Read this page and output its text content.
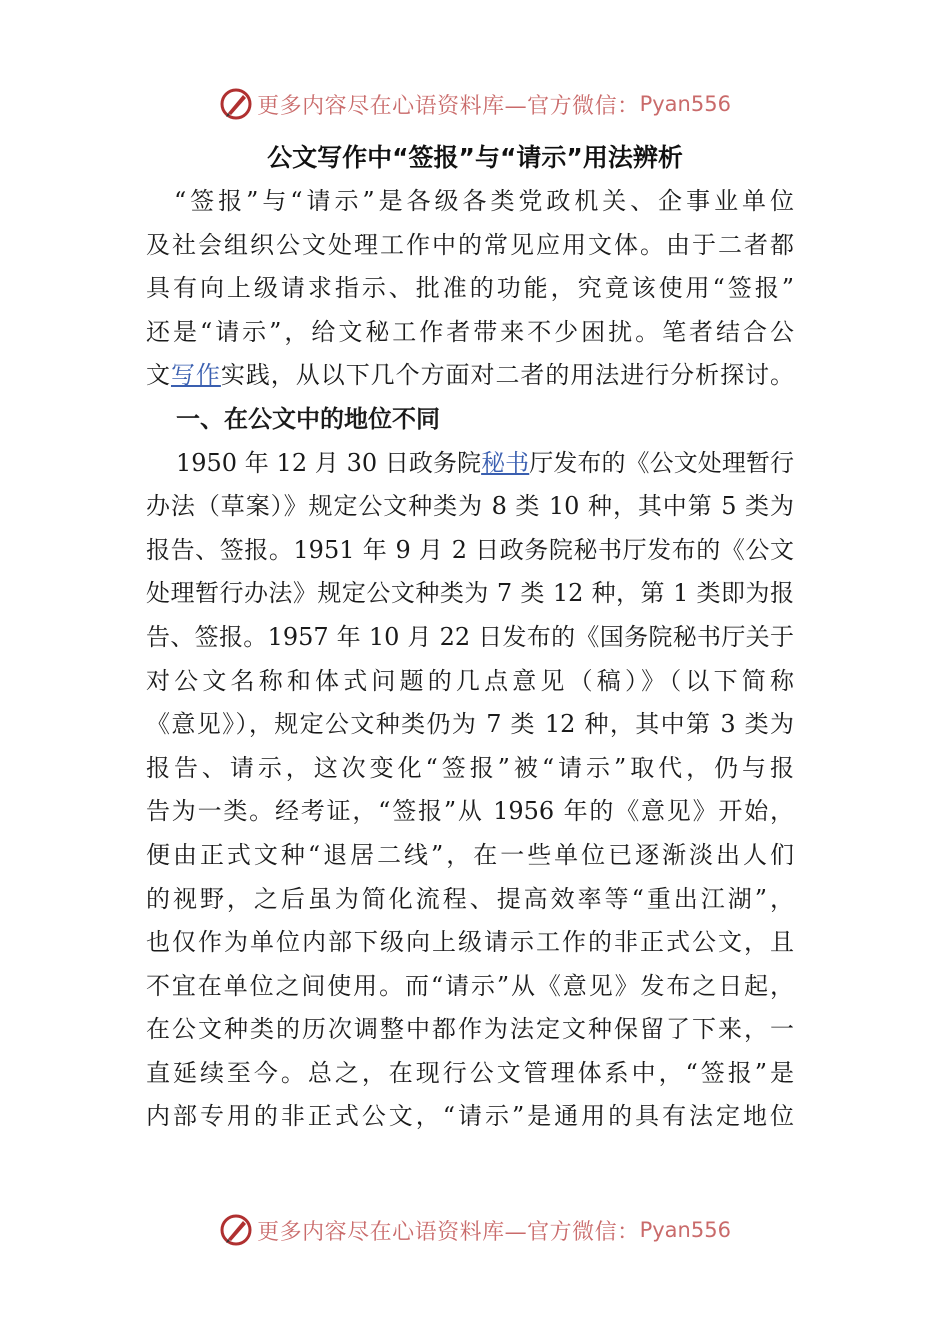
更多内容尽在心语资料库—官方微信： Pyan556
公文写作中“签报”与“请示”用法辨析
　“签报”与“请示”是各级各类党政机关、企事业单位
及社会组织公文处理工作中的常见应用文体。由于二者都
具有向上级请求指示、批准的功能，究竟该使用“签报”
还是“请示”，给文秘工作者带来不少困扰。笔者结合公
文写作实践，从以下几个方面对二者的用法进行分析探讨。
一、在公文中的地位不同
1950 年 12 月 30 日政务院秘书厅发布的《公文处理暂行
办法（草案）》规定公文种类为 8 类 10 种，其中第 5 类为
报告、签报。1951 年 9 月 2 日政务院秘书厅发布的《公文
处理暂行办法》规定公文种类为 7 类 12 种，第 1 类即为报
告、签报。1957 年 10 月 22 日发布的《国务院秘书厅关于
对公文名称和体式问题的几点意见（稿）》（以下简称
《意见》），规定公文种类仍为 7 类 12 种，其中第 3 类为
报告、请示，这次变化“签报”被“请示”取代，仍与报
告为一类。经考证，“签报”从 1956 年的《意见》开始，
便由正式文种“退居二线”，在一些单位已逐渐淡出人们
的视野，之后虽为简化流程、提高效率等“重出江湖”，
也仅作为单位内部下级向上级请示工作的非正式公文，且
不宜在单位之间使用。而“请示”从《意见》发布之日起，
在公文种类的历次调整中都作为法定文种保留了下来，一
直延续至今。总之，在现行公文管理体系中，“签报”是
内部专用的非正式公文，“请示”是通用的具有法定地位
更多内容尽在心语资料库—官方微信： Pyan556
